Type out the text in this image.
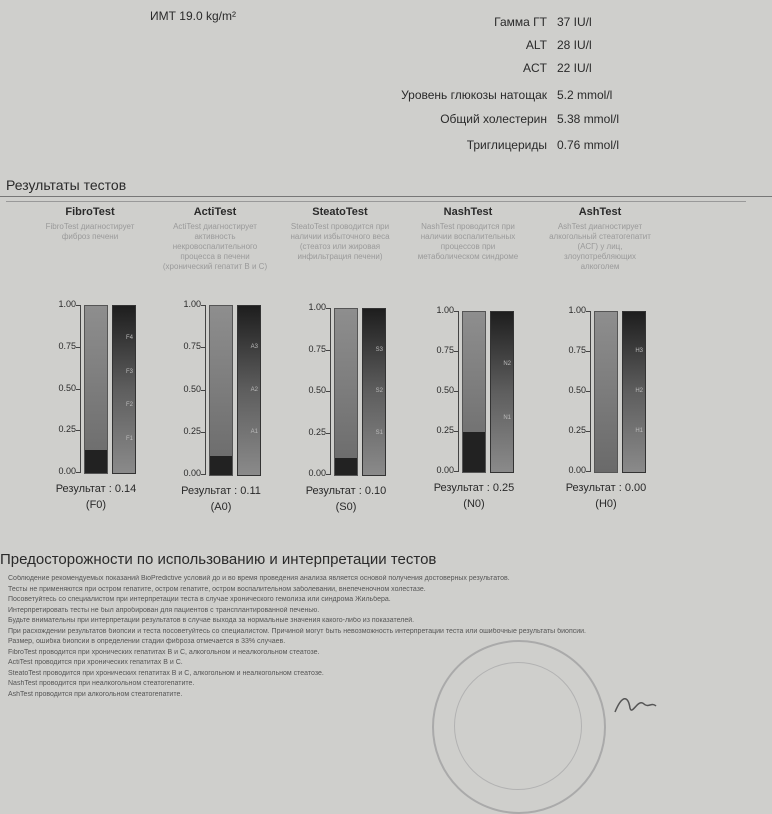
ИМТ 19.0 kg/m²	Гамма ГТ 37 IU/l
ALT 28 IU/l
ACT 22 IU/l
Уровень глюкозы натощак 5.2 mmol/l
Общий холестерин 5.38 mmol/l
Триглицериды 0.76 mmol/l
Результаты тестов
FibroTest
FibroTest диагностирует фиброз печени
1.00
0.75
0.50
0.25
0.00
F4
F3
F2
F1
Результат : 0.14
(F0)
ActiTest
ActiTest диагностирует активность некровоспалительного процесса в печени (хронический гепатит B и C)
1.00
0.75
0.50
0.25
0.00
A3
A2
A1
Результат : 0.11
(A0)
SteatoTest
SteatoTest проводится при наличии избыточного веса (стеатоз или жировая инфильтрация печени)
1.00
0.75
0.50
0.25
0.00
S3
S2
S1
Результат : 0.10
(S0)
NashTest
NashTest проводится при наличии воспалительных процессов при метаболическом синдроме
1.00
0.75
0.50
0.25
0.00
N2
N1
Результат : 0.25
(N0)
AshTest
AshTest диагностирует алкогольный стеатогепатит (АСГ) у лиц, злоупотребляющих алкоголем
1.00
0.75
0.50
0.25
0.00
H3
H2
H1
Результат : 0.00
(H0)
Предосторожности по использованию и интерпретации тестов
Соблюдение рекомендуемых показаний BioPredictive условий до и во время проведения анализа является основой получения достоверных результатов.
Тесты не применяются при остром гепатите, остром гепатите, остром воспалительном заболевании, внепеченочном холестазе.
Посоветуйтесь со специалистом при интерпретации теста в случае хронического гемолиза или синдрома Жильбера.
Интерпретировать тесты не был апробирован для пациентов с трансплантированной печенью.
Будьте внимательны при интерпретации результатов в случае выхода за нормальные значения какого-либо из показателей.
При расхождении результатов биопсии и теста посоветуйтесь со специалистом. Причиной могут быть невозможность интерпретации теста или ошибочные результаты биопсии.
Размер, ошибка биопсии в определении стадии фиброза отмечается в 33% случаев.
FibroTest проводится при хронических гепатитах B и C, алкогольном и неалкогольном стеатозе.
ActiTest проводится при хронических гепатитах B и C.
SteatoTest проводится при хронических гепатитах B и C, алкогольном и неалкогольном стеатозе.
NashTest проводится при неалкогольном стеатогепатите.
AshTest проводится при алкогольном стеатогепатите.
